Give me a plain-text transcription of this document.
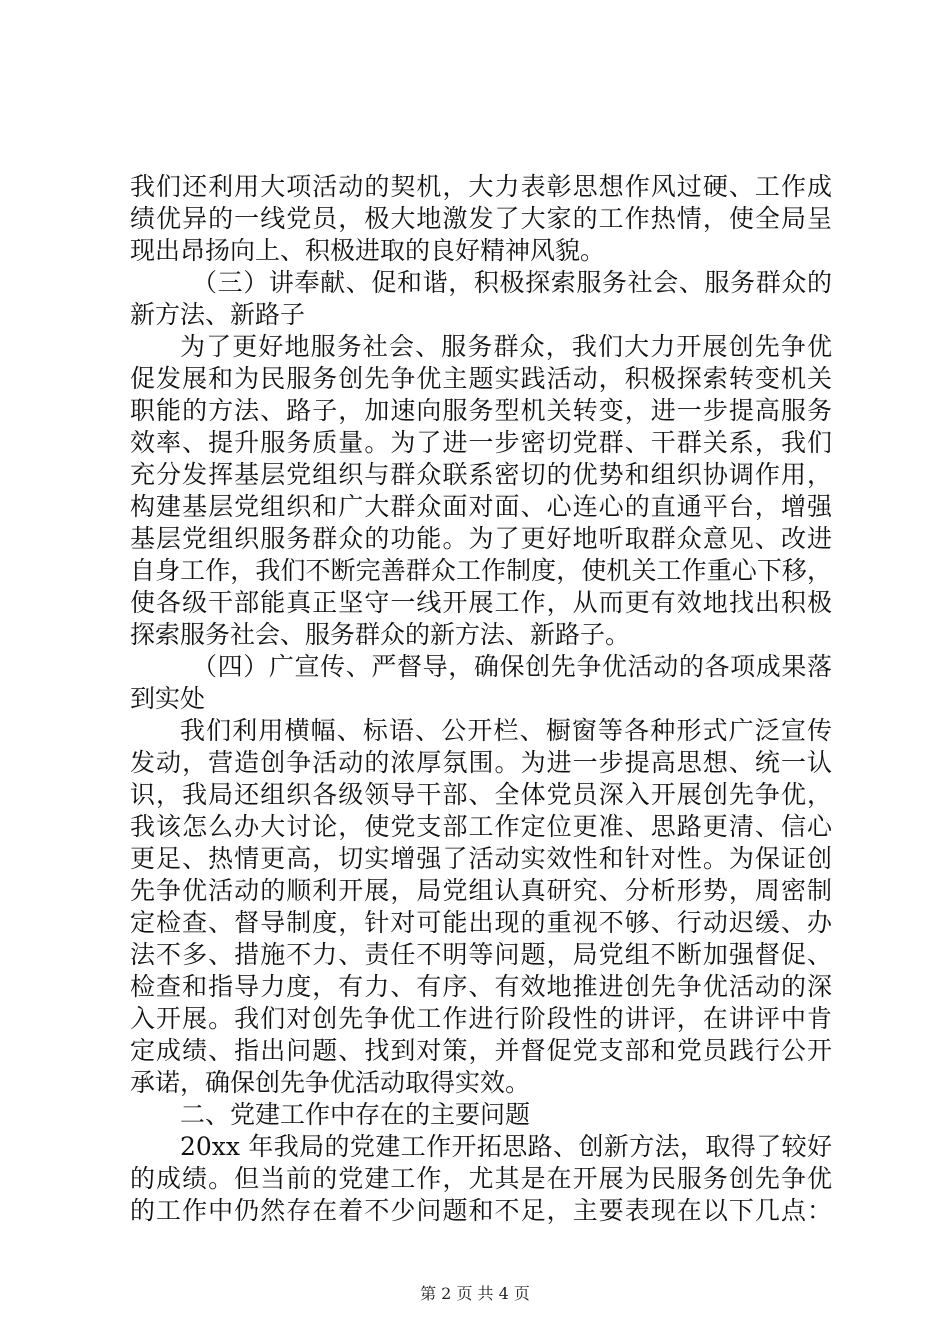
我们还利用大项活动的契机，大力表彰思想作风过硬、工作成
绩优异的一线党员，极大地激发了大家的工作热情，使全局呈
现出昂扬向上、积极进取的良好精神风貌。
（三）讲奉献、促和谐，积极探索服务社会、服务群众的
新方法、新路子
为了更好地服务社会、服务群众，我们大力开展创先争优
促发展和为民服务创先争优主题实践活动，积极探索转变机关
职能的方法、路子，加速向服务型机关转变，进一步提高服务
效率、提升服务质量。为了进一步密切党群、干群关系，我们
充分发挥基层党组织与群众联系密切的优势和组织协调作用，
构建基层党组织和广大群众面对面、心连心的直通平台，增强
基层党组织服务群众的功能。为了更好地听取群众意见、改进
自身工作，我们不断完善群众工作制度，使机关工作重心下移，
使各级干部能真正坚守一线开展工作，从而更有效地找出积极
探索服务社会、服务群众的新方法、新路子。
（四）广宣传、严督导，确保创先争优活动的各项成果落
到实处
我们利用横幅、标语、公开栏、橱窗等各种形式广泛宣传
发动，营造创争活动的浓厚氛围。为进一步提高思想、统一认
识，我局还组织各级领导干部、全体党员深入开展创先争优，
我该怎么办大讨论，使党支部工作定位更准、思路更清、信心
更足、热情更高，切实增强了活动实效性和针对性。为保证创
先争优活动的顺利开展，局党组认真研究、分析形势，周密制
定检查、督导制度，针对可能出现的重视不够、行动迟缓、办
法不多、措施不力、责任不明等问题，局党组不断加强督促、
检查和指导力度，有力、有序、有效地推进创先争优活动的深
入开展。我们对创先争优工作进行阶段性的讲评，在讲评中肯
定成绩、指出问题、找到对策，并督促党支部和党员践行公开
承诺，确保创先争优活动取得实效。
二、党建工作中存在的主要问题
20xx 年我局的党建工作开拓思路、创新方法，取得了较好
的成绩。但当前的党建工作，尤其是在开展为民服务创先争优
的工作中仍然存在着不少问题和不足，主要表现在以下几点：
第 2 页 共 4 页
